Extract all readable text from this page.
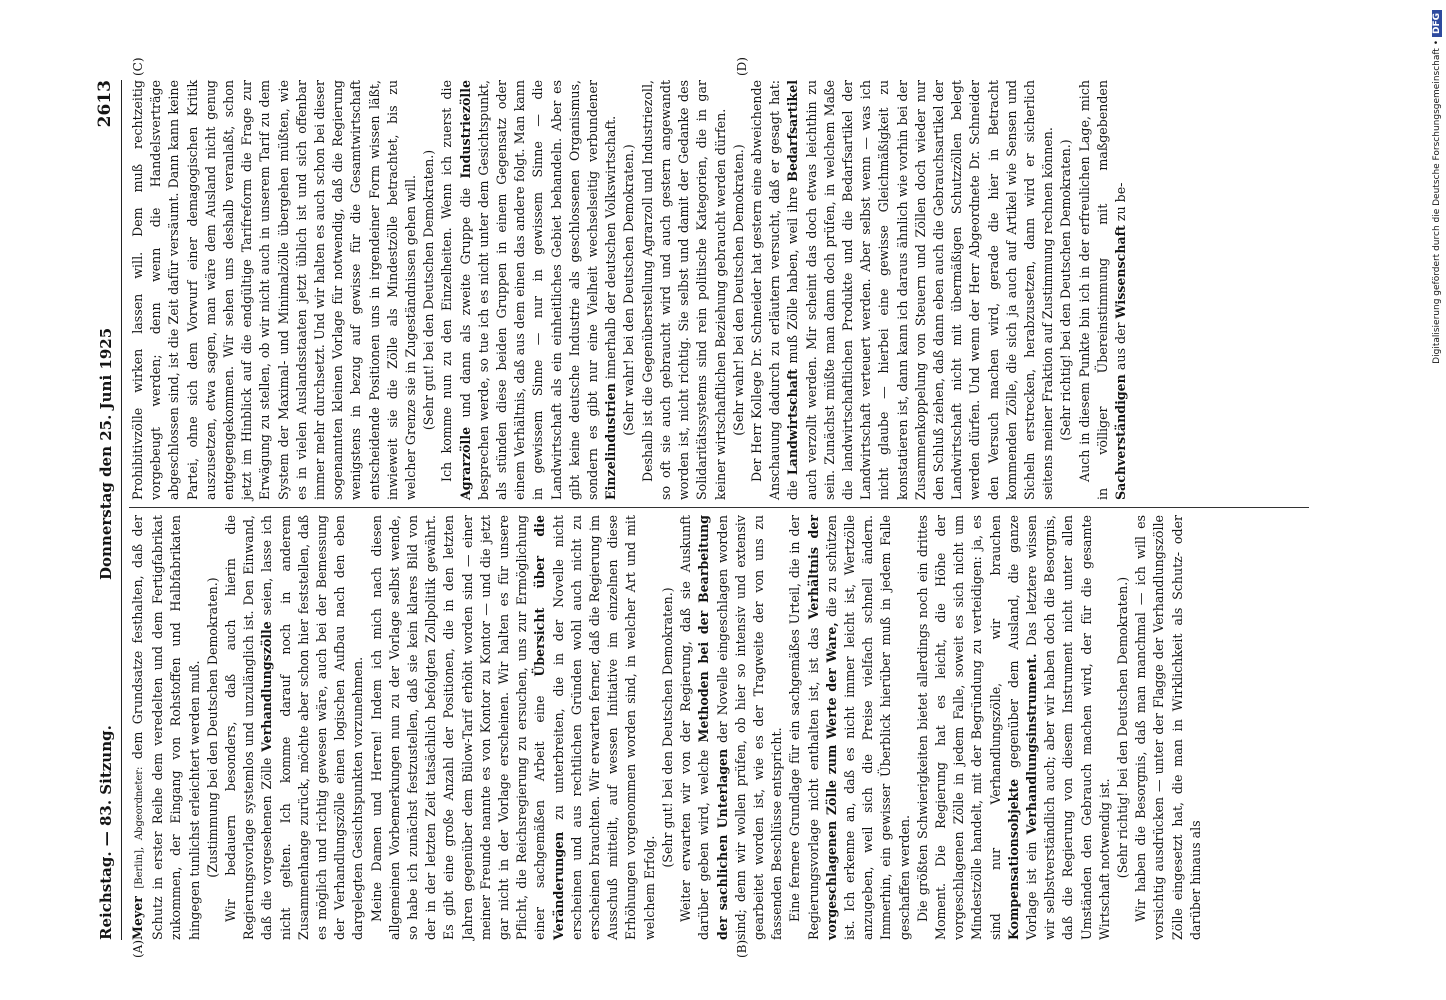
Reichstag. — 83. Sitzung.
Donnerstag den 25. Juni 1925
2613
(A)	(B)
(C)	(D)

Meyer [Berlin], Abgeordneter: dem Grundsatze festhalten, daß der Schutz in erster Reihe dem veredelten und dem Fertigfabrikat zukommen, der Eingang von Rohstoffen und Halbfabrikaten hingegen tunlichst erleichtert werden muß. (Zustimmung bei den Deutschen Demokraten.) Wir bedauern besonders, daß auch hierin die Regierungsvorlage systemlos und unzulänglich ist. Den Einwand, daß die vorgesehenen Zölle Verhandlungszölle seien, lasse ich nicht gelten. Ich komme darauf noch in anderem Zusammenhange zurück, möchte aber schon hier feststellen, daß es möglich und richtig gewesen wäre, auch bei der Bemessung der Verhandlungszölle einen logischen Aufbau nach den eben dargelegten Gesichtspunkten vorzunehmen. Meine Damen und Herren! Indem ich mich nach diesen allgemeinen Vorbemerkungen nun zu der Vorlage selbst wende, so habe ich zunächst festzustellen, daß sie kein klares Bild von der in der letzten Zeit tatsächlich befolgten Zollpolitik gewährt. Es gibt eine große Anzahl der Positionen, die in den letzten Jahren gegenüber dem Bülow-Tarif erhöht worden sind — einer meiner Freunde nannte es von Kontor zu Kontor — und die jetzt gar nicht in der Vorlage erscheinen. Wir halten es für unsere Pflicht, die Reichsregierung zu ersuchen, uns zur Ermöglichung einer sachgemäßen Arbeit eine Übersicht über die Veränderungen zu unterbreiten, die in der Novelle nicht erscheinen und aus rechtlichen Gründen wohl auch nicht zu erscheinen brauchten. Wir erwarten ferner, daß die Regierung im Ausschuß mitteilt, auf wessen Initiative im einzelnen diese Erhöhungen vorgenommen worden sind, in welcher Art und mit welchem Erfolg.

(Sehr gut! bei den Deutschen Demokraten.) Weiter erwarten wir von der Regierung, daß sie Auskunft darüber geben wird, welche Methoden bei der Bearbeitung der sachlichen Unterlagen der Novelle eingeschlagen worden sind; denn wir wollen prüfen, ob hier so intensiv und extensiv gearbeitet worden ist, wie es der Tragweite der von uns zu fassenden Beschlüsse entspricht. Eine fernere Grundlage für ein sachgemäßes Urteil, die in der Regierungsvorlage nicht enthalten ist, ist das Verhältnis der vorgeschlagenen Zölle zum Werte der Ware, die zu schützen ist. Ich erkenne an, daß es nicht immer leicht ist, Wertzölle anzugeben, weil sich die Preise vielfach schnell ändern. Immerhin, ein gewisser Überblick hierüber muß in jedem Falle geschaffen werden. Die größten Schwierigkeiten bietet allerdings noch ein drittes Moment. Die Regierung hat es leicht, die Höhe der vorgeschlagenen Zölle in jedem Falle, soweit es sich nicht um Mindestzölle handelt, mit der Begründung zu verteidigen: ja, es sind nur Verhandlungszölle, wir brauchen Kompensationsobjekte gegenüber dem Ausland, die ganze Vorlage ist ein Verhandlungsinstrument. Das letztere wissen wir selbstverständlich auch; aber wir haben doch die Besorgnis, daß die Regierung von diesem Instrument nicht unter allen Umständen den Gebrauch machen wird, der für die gesamte Wirtschaft notwendig ist. (Sehr richtig! bei den Deutschen Demokraten.) Wir haben die Besorgnis, daß man manchmal — ich will es vorsichtig ausdrücken — unter der Flagge der Verhandlungszölle Zölle eingesetzt hat, die man in Wirklichkeit als Schutz- oder darüber hinaus als

Prohibitivzölle wirken lassen will. Dem muß rechtzeitig vorgebeugt werden; denn wenn die Handelsverträge abgeschlossen sind, ist die Zeit dafür versäumt. Dann kann keine Partei, ohne sich dem Vorwurf einer demagogischen Kritik auszusetzen, etwa sagen, man wäre dem Ausland nicht genug entgegengekommen. Wir sehen uns deshalb veranlaßt, schon jetzt im Hinblick auf die endgültige Tarifreform die Frage zur Erwägung zu stellen, ob wir nicht auch in unserem Tarif zu dem System der Maximal- und Minimalzölle übergehen müßten, wie es in vielen Auslandsstaaten jetzt üblich ist und sich offenbar immer mehr durchsetzt. Und wir halten es auch schon bei dieser sogenannten kleinen Vorlage für notwendig, daß die Regierung wenigstens in bezug auf gewisse für die Gesamtwirtschaft entscheidende Positionen uns in irgendeiner Form wissen läßt, inwieweit sie die Zölle als Mindestzölle betrachtet, bis zu welcher Grenze sie in Zugeständnissen gehen will. (Sehr gut! bei den Deutschen Demokraten.) Ich komme nun zu den Einzelheiten. Wenn ich zuerst die Agrarzölle und dann als zweite Gruppe die Industriezölle besprechen werde, so tue ich es nicht unter dem Gesichtspunkt, als stünden diese beiden Gruppen in einem Gegensatz oder einem Verhältnis, daß aus dem einen das andere folgt. Man kann in gewissem Sinne — nur in gewissem Sinne — die Landwirtschaft als ein einheitliches Gebiet behandeln. Aber es gibt keine deutsche Industrie als geschlossenen Organismus, sondern es gibt nur eine Vielheit wechselseitig verbundener Einzelindustrien innerhalb der deutschen Volkswirtschaft. (Sehr wahr! bei den Deutschen Demokraten.) Deshalb ist die Gegenüberstellung Agrarzoll und Industriezoll, so oft sie auch gebraucht wird und auch gestern angewandt worden ist, nicht richtig. Sie selbst und damit der Gedanke des Solidaritätssystems sind rein politische Kategorien, die in gar keiner wirtschaftlichen Beziehung gebraucht werden dürfen. (Sehr wahr! bei den Deutschen Demokraten.) Der Herr Kollege Dr. Schneider hat gestern eine abweichende Anschauung dadurch zu erläutern versucht, daß er gesagt hat: die Landwirtschaft muß Zölle haben, weil ihre Bedarfsartikel auch verzollt werden. Mir scheint das doch etwas leichthin zu sein. Zunächst müßte man dann doch prüfen, in welchem Maße die landwirtschaftlichen Produkte und die Bedarfsartikel der Landwirtschaft verteuert werden. Aber selbst wenn — was ich nicht glaube — hierbei eine gewisse Gleichmäßigkeit zu konstatieren ist, dann kann ich daraus ähnlich wie vorhin bei der Zusammenkoppelung von Steuern und Zöllen doch wieder nur den Schluß ziehen, daß dann eben auch die Gebrauchsartikel der Landwirtschaft nicht mit übermäßigen Schutzzöllen belegt werden dürfen. Und wenn der Herr Abgeordnete Dr. Schneider den Versuch machen wird, gerade die hier in Betracht kommenden Zölle, die sich ja auch auf Artikel wie Sensen und Sicheln erstrecken, herabzusetzen, dann wird er sicherlich seitens meiner Fraktion auf Zustimmung rechnen können. (Sehr richtig! bei den Deutschen Demokraten.) Auch in diesem Punkte bin ich in der erfreulichen Lage, mich in völliger Übereinstimmung mit maßgebenden Sachverständigen aus der Wissenschaft zu be-	Digitalisierung gefördert durch die Deutsche Forschungsgemeinschaft • DFG
